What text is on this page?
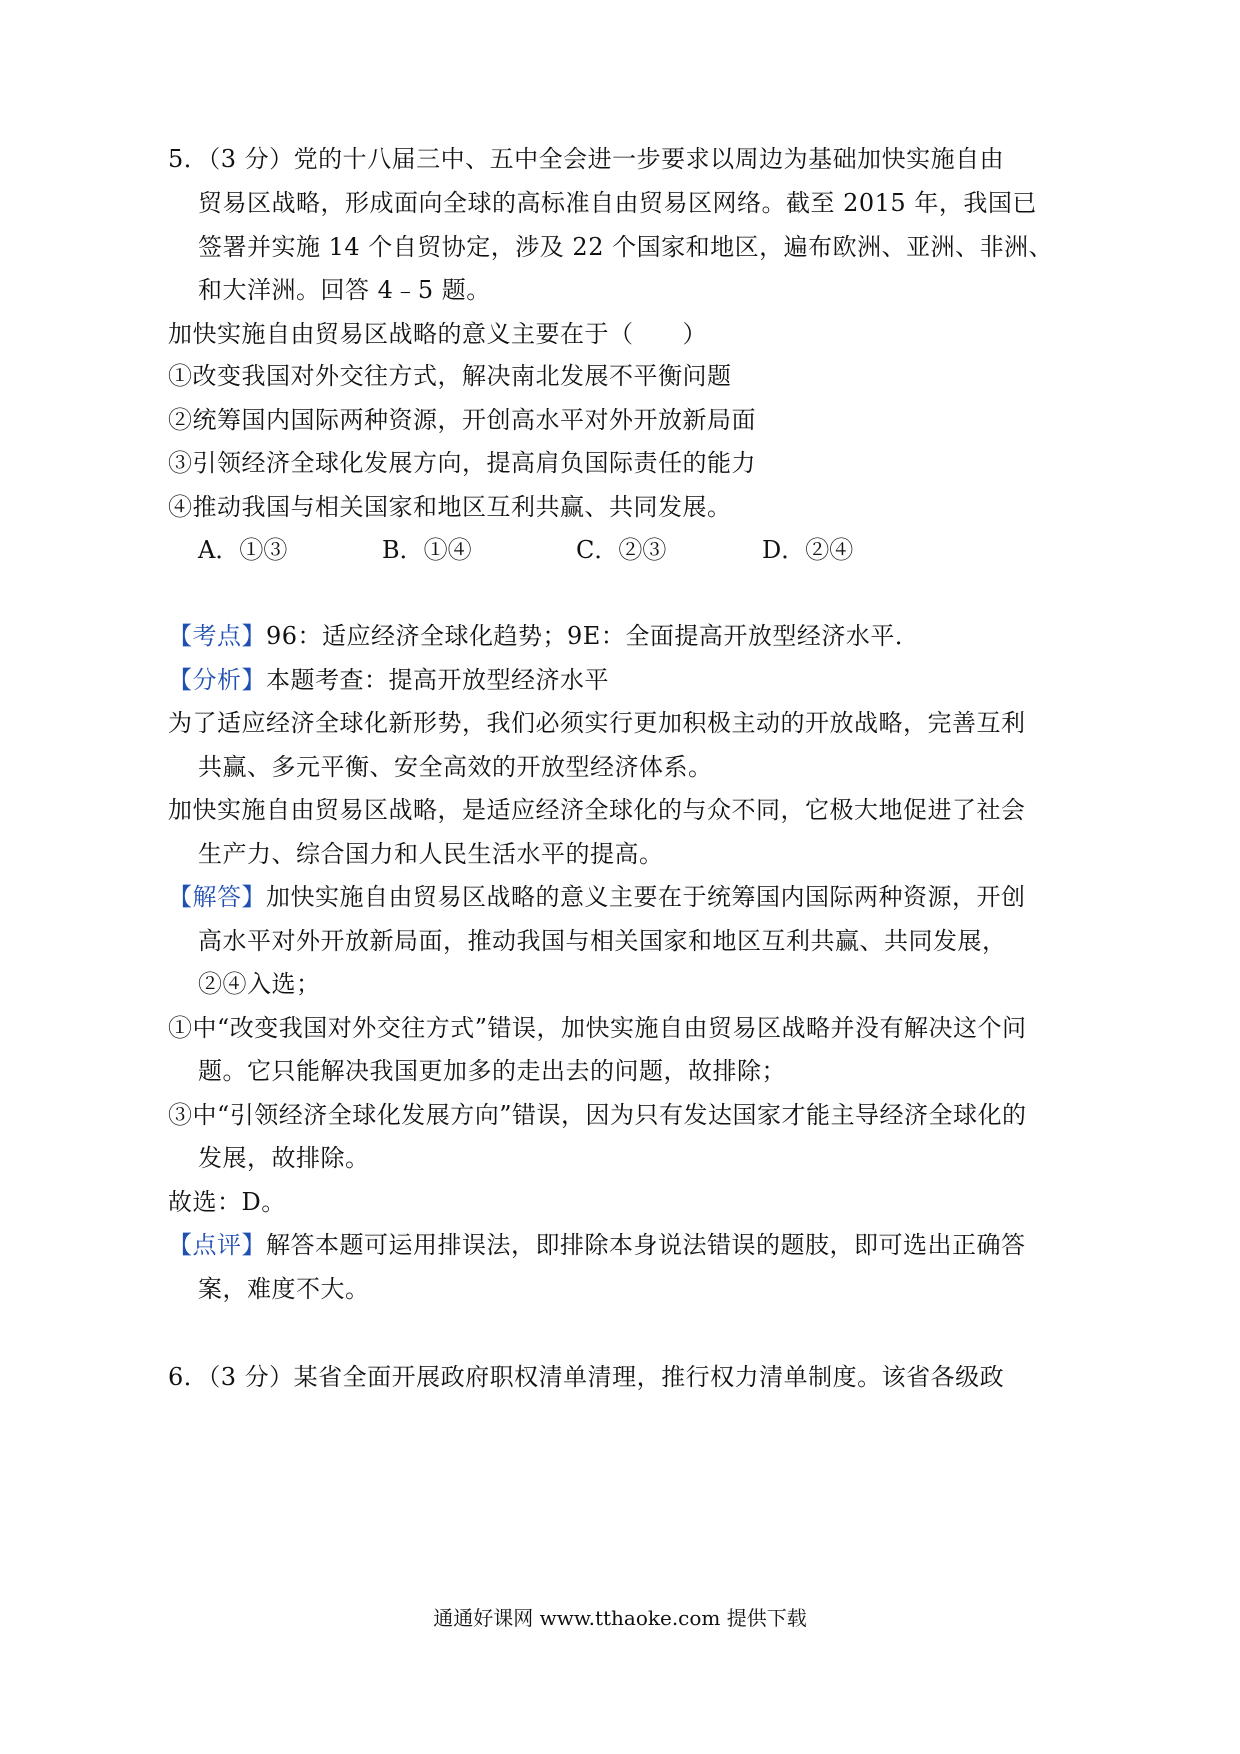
5．（3 分）党的十八届三中、五中全会进一步要求以周边为基础加快实施自由
贸易区战略，形成面向全球的高标准自由贸易区网络。截至 2015 年，我国已
签署并实施 14 个自贸协定，涉及 22 个国家和地区，遍布欧洲、亚洲、非洲、
和大洋洲。回答 4﹣5 题。
加快实施自由贸易区战略的意义主要在于（　　）
①改变我国对外交往方式，解决南北发展不平衡问题
②统筹国内国际两种资源，开创高水平对外开放新局面
③引领经济全球化发展方向，提高肩负国际责任的能力
④推动我国与相关国家和地区互利共赢、共同发展。
A．①③	B．①④	C．②③	D．②④
【考点】96：适应经济全球化趋势；9E：全面提高开放型经济水平．
【分析】本题考查：提高开放型经济水平
为了适应经济全球化新形势，我们必须实行更加积极主动的开放战略，完善互利
共赢、多元平衡、安全高效的开放型经济体系。
加快实施自由贸易区战略，是适应经济全球化的与众不同，它极大地促进了社会
生产力、综合国力和人民生活水平的提高。
【解答】加快实施自由贸易区战略的意义主要在于统筹国内国际两种资源，开创
高水平对外开放新局面，推动我国与相关国家和地区互利共赢、共同发展，
②④入选；
①中“改变我国对外交往方式”错误，加快实施自由贸易区战略并没有解决这个问
题。它只能解决我国更加多的走出去的问题，故排除；
③中“引领经济全球化发展方向”错误，因为只有发达国家才能主导经济全球化的
发展，故排除。
故选：D。
【点评】解答本题可运用排误法，即排除本身说法错误的题肢，即可选出正确答
案，难度不大。
6．（3 分）某省全面开展政府职权清单清理，推行权力清单制度。该省各级政
通通好课网 www.tthaoke.com 提供下载
